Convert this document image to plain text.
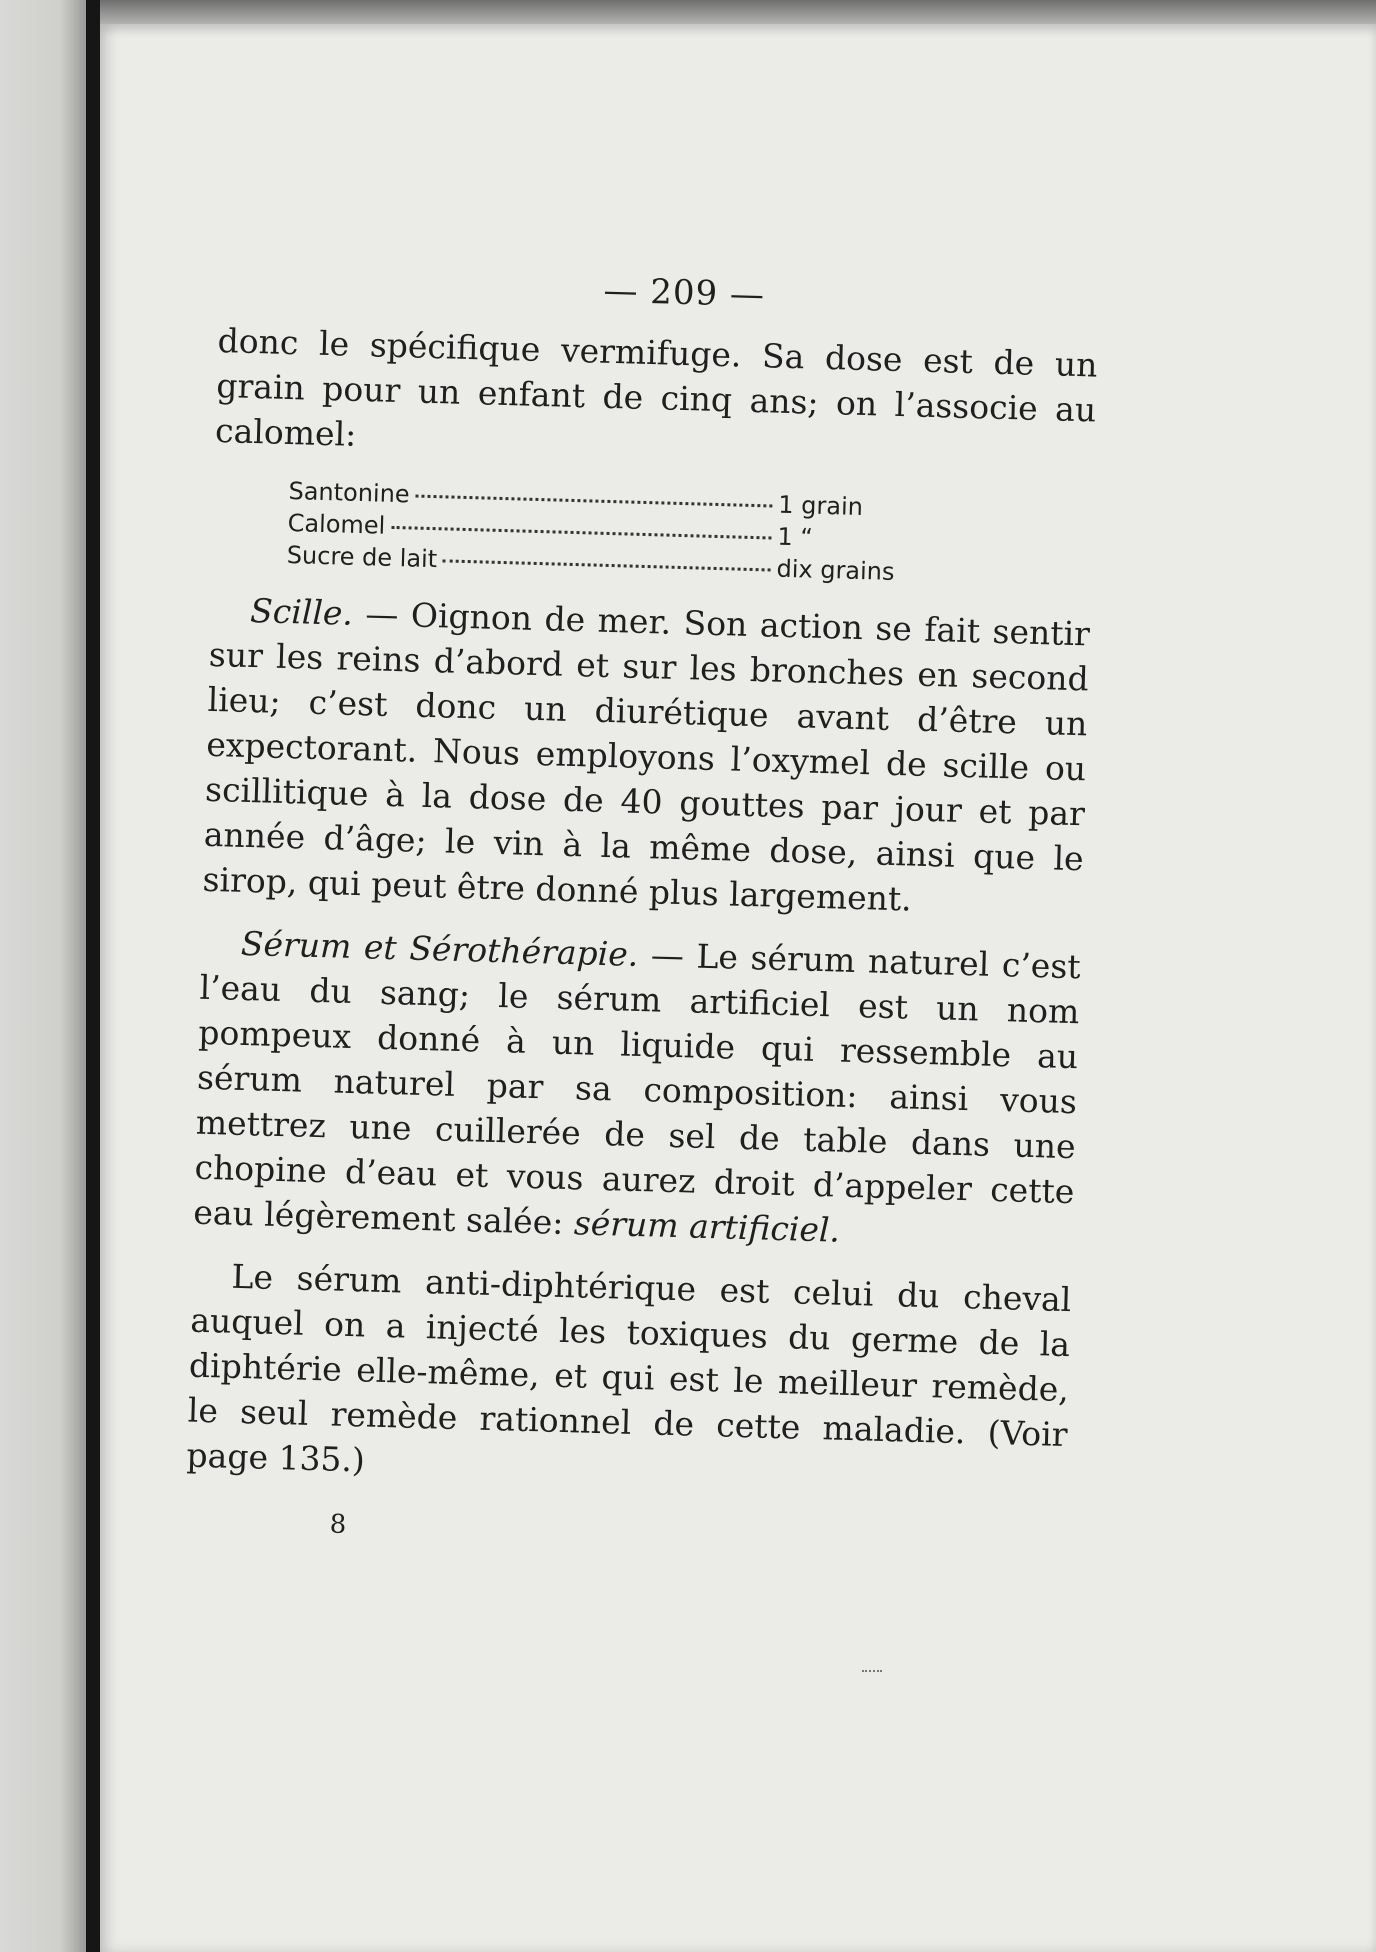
— 209 —

donc le spécifique vermifuge. Sa dose est de un grain pour un enfant de cinq ans; on l’associe au calomel:

Santonine	1 grain
Calomel	1 “
Sucre de lait	dix grains

Scille. — Oignon de mer. Son action se fait sentir sur les reins d’abord et sur les bronches en second lieu; c’est donc un diurétique avant d’être un expectorant. Nous employons l’oxymel de scille ou scillitique à la dose de 40 gouttes par jour et par année d’âge; le vin à la même dose, ainsi que le sirop, qui peut être donné plus largement.

Sérum et Sérothérapie. — Le sérum naturel c’est l’eau du sang; le sérum artificiel est un nom pompeux donné à un liquide qui ressemble au sérum naturel par sa composition: ainsi vous mettrez une cuillerée de sel de table dans une chopine d’eau et vous aurez droit d’appeler cette eau légèrement salée: sérum artificiel.

Le sérum anti-diphtérique est celui du cheval auquel on a injecté les toxiques du germe de la diphtérie elle-même, et qui est le meilleur remède, le seul remède rationnel de cette maladie. (Voir page 135.)

8
